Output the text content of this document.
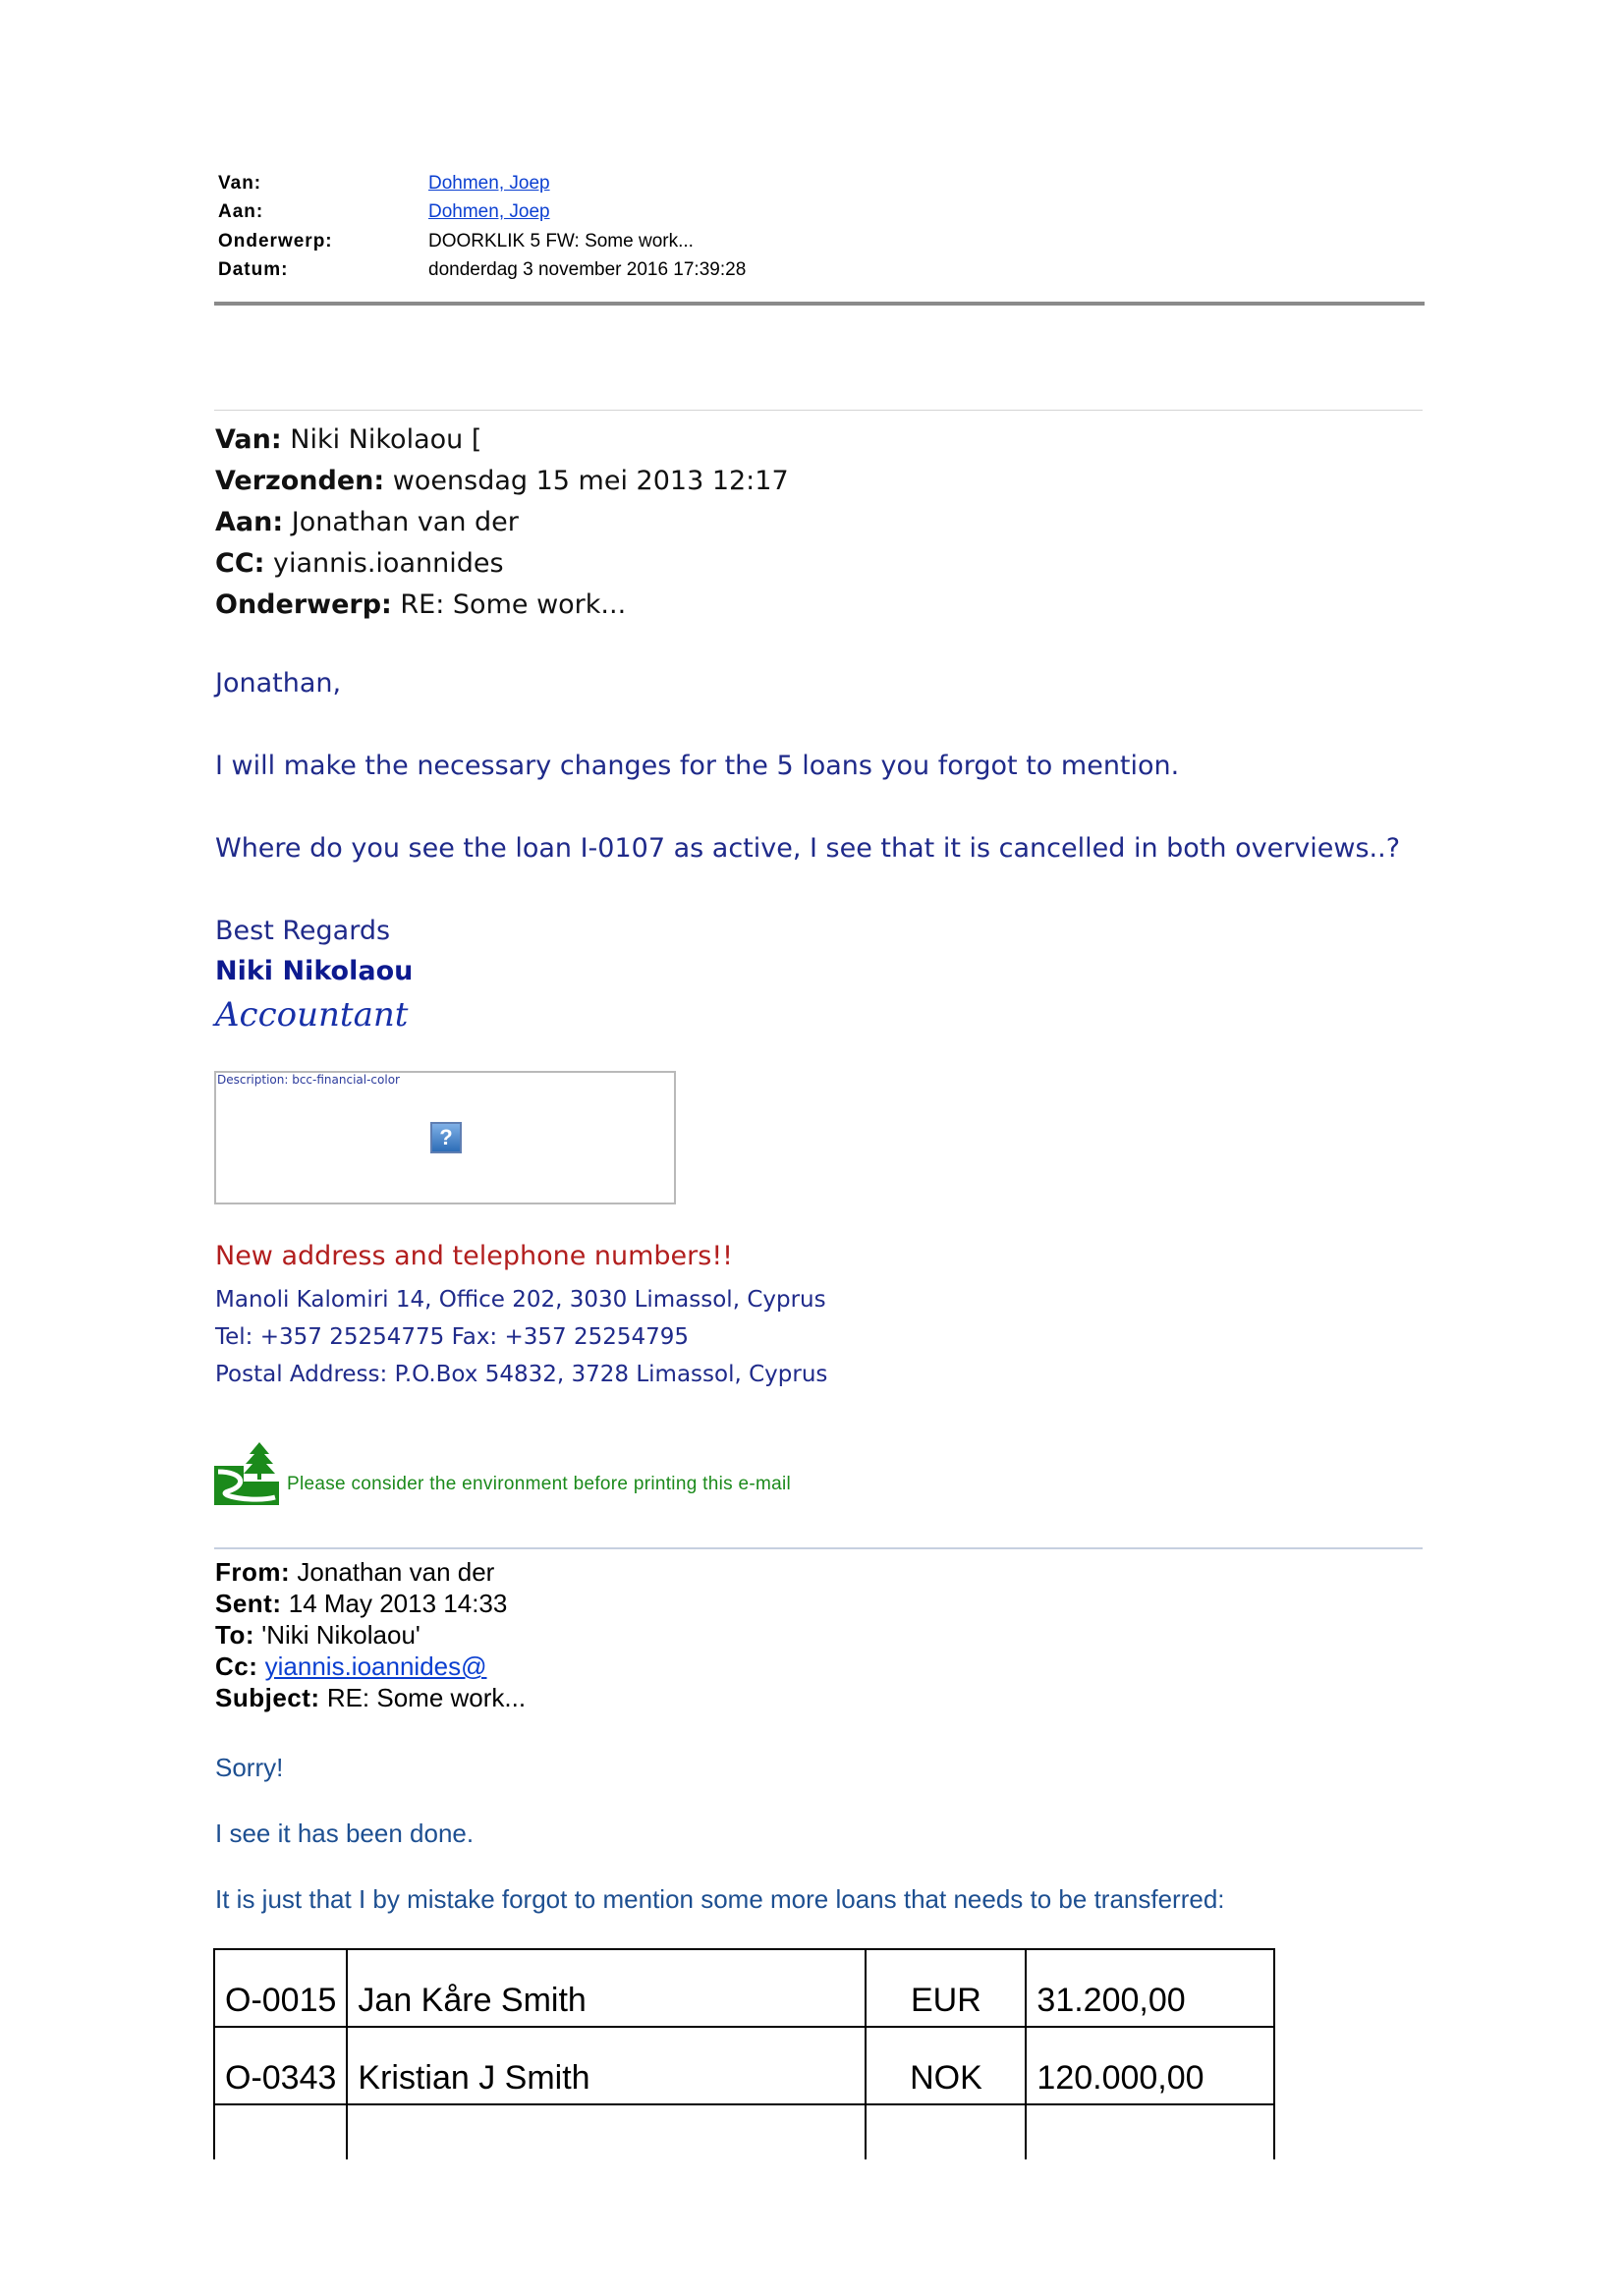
Van:	Dohmen, Joep
Aan:	Dohmen, Joep
Onderwerp:	DOORKLIK 5 FW: Some work...
Datum:	donderdag 3 november 2016 17:39:28
Van: Niki Nikolaou [
Verzonden: woensdag 15 mei 2013 12:17
Aan: Jonathan van der
CC: yiannis.ioannides
Onderwerp: RE: Some work...
Jonathan,
I will make the necessary changes for the 5 loans you forgot to mention.
Where do you see the loan I-0107 as active, I see that it is cancelled in both overviews..?
Best Regards
Niki Nikolaou
Accountant
Description: bcc-financial-color
?
New address and telephone numbers!!
Manoli Kalomiri 14, Office 202, 3030 Limassol, Cyprus
Tel: +357 25254775 Fax: +357 25254795
Postal Address: P.O.Box 54832, 3728 Limassol, Cyprus
Please consider the environment before printing this e-mail
From: Jonathan van der
Sent: 14 May 2013 14:33
To: 'Niki Nikolaou'
Cc: yiannis.ioannides@
Subject: RE: Some work...
Sorry!
I see it has been done.
It is just that I by mistake forgot to mention some more loans that needs to be transferred:
O-0015	Jan Kåre Smith	EUR	31.200,00
O-0343	Kristian J Smith	NOK	120.000,00
